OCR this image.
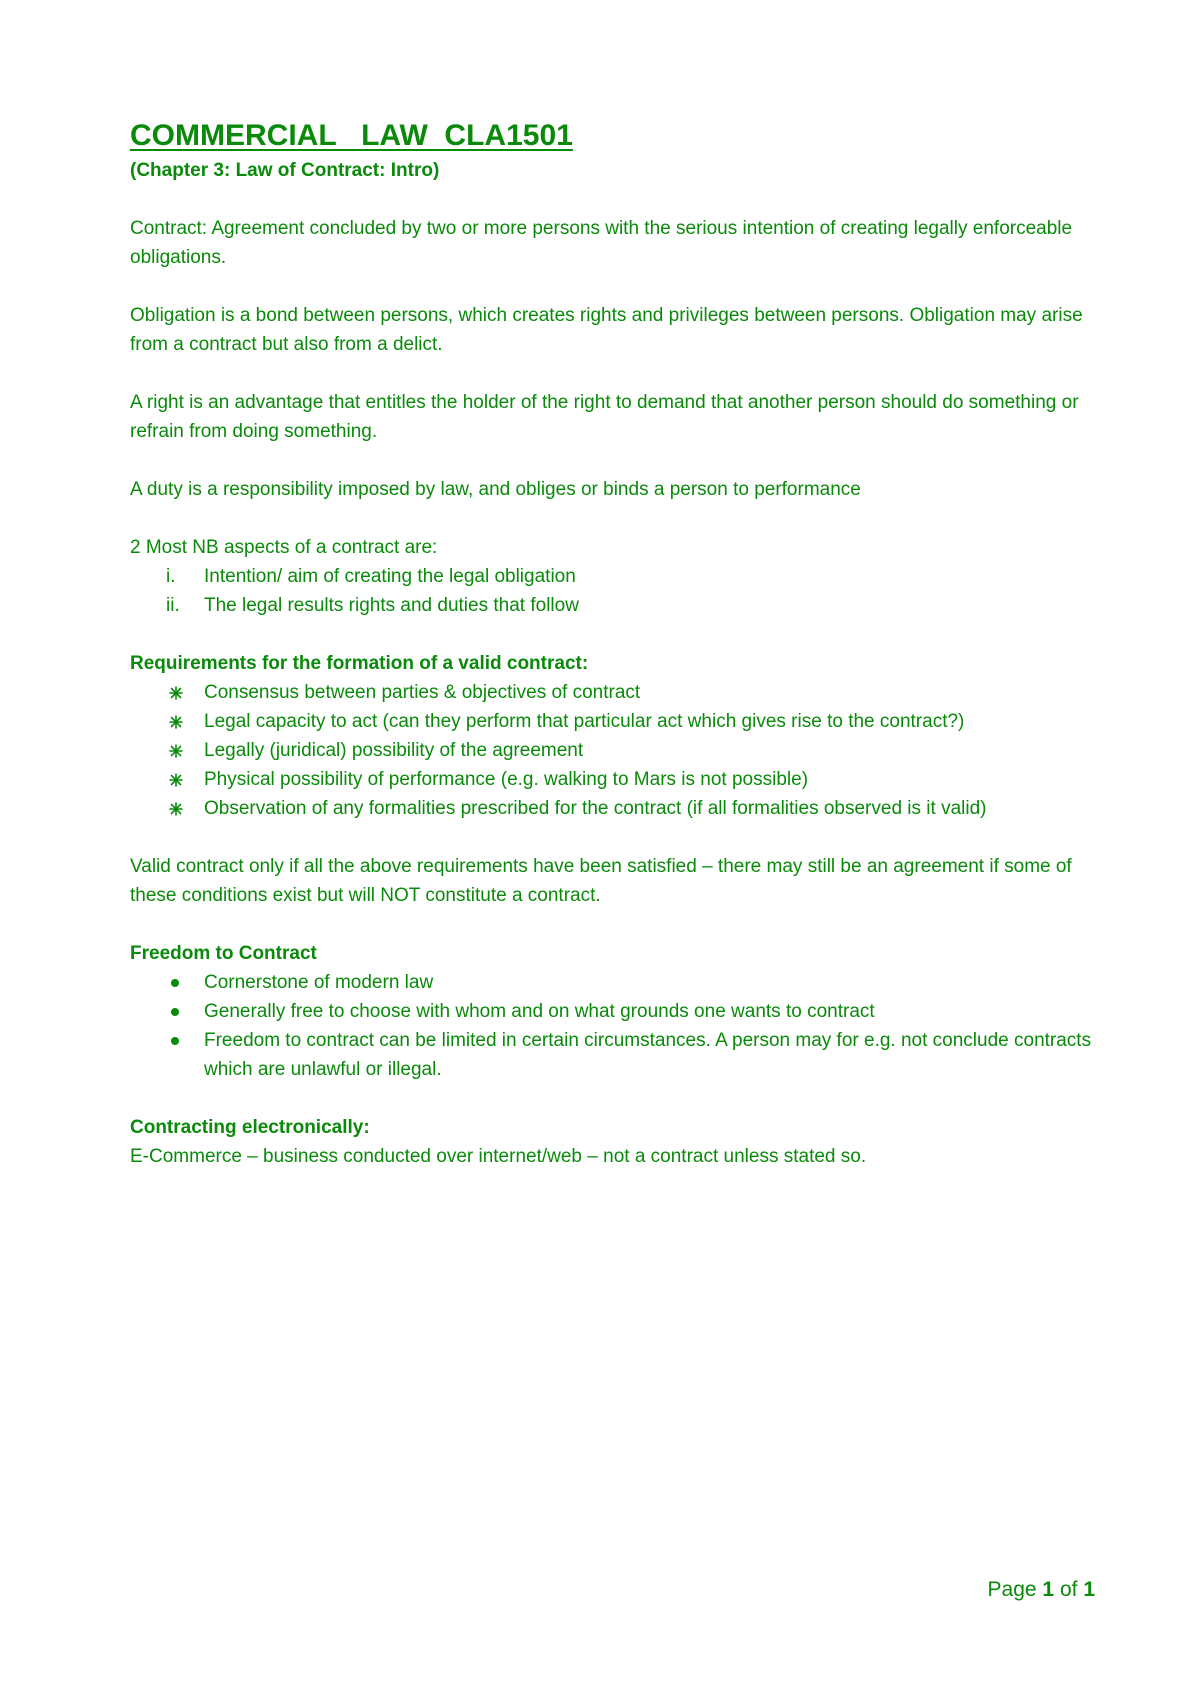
COMMERCIAL   LAW  CLA1501

(Chapter 3: Law of Contract: Intro)

Contract: Agreement concluded by two or more persons with the serious intention of creating legally enforceable obligations.

Obligation is a bond between persons, which creates rights and privileges between persons. Obligation may arise from a contract but also from a delict.

A right is an advantage that entitles the holder of the right to demand that another person should do something or refrain from doing something.

A duty is a responsibility imposed by law, and obliges or binds a person to performance

2 Most NB aspects of a contract are:

i.	Intention/ aim of creating the legal obligation
ii.	The legal results rights and duties that follow

Requirements for the formation of a valid contract:

Consensus between parties & objectives of contract
Legal capacity to act (can they perform that particular act which gives rise to the contract?)
Legally (juridical) possibility of the agreement
Physical possibility of performance (e.g. walking to Mars is not possible)
Observation of any formalities prescribed for the contract (if all formalities observed is it valid)

Valid contract only if all the above requirements have been satisfied – there may still be an agreement if some of these conditions exist but will NOT constitute a contract.

Freedom to Contract

Cornerstone of modern law
Generally free to choose with whom and on what grounds one wants to contract
Freedom to contract can be limited in certain circumstances. A person may for e.g. not conclude contracts which are unlawful or illegal.

Contracting electronically:

E-Commerce – business conducted over internet/web – not a contract unless stated so.

Page 1 of 1
